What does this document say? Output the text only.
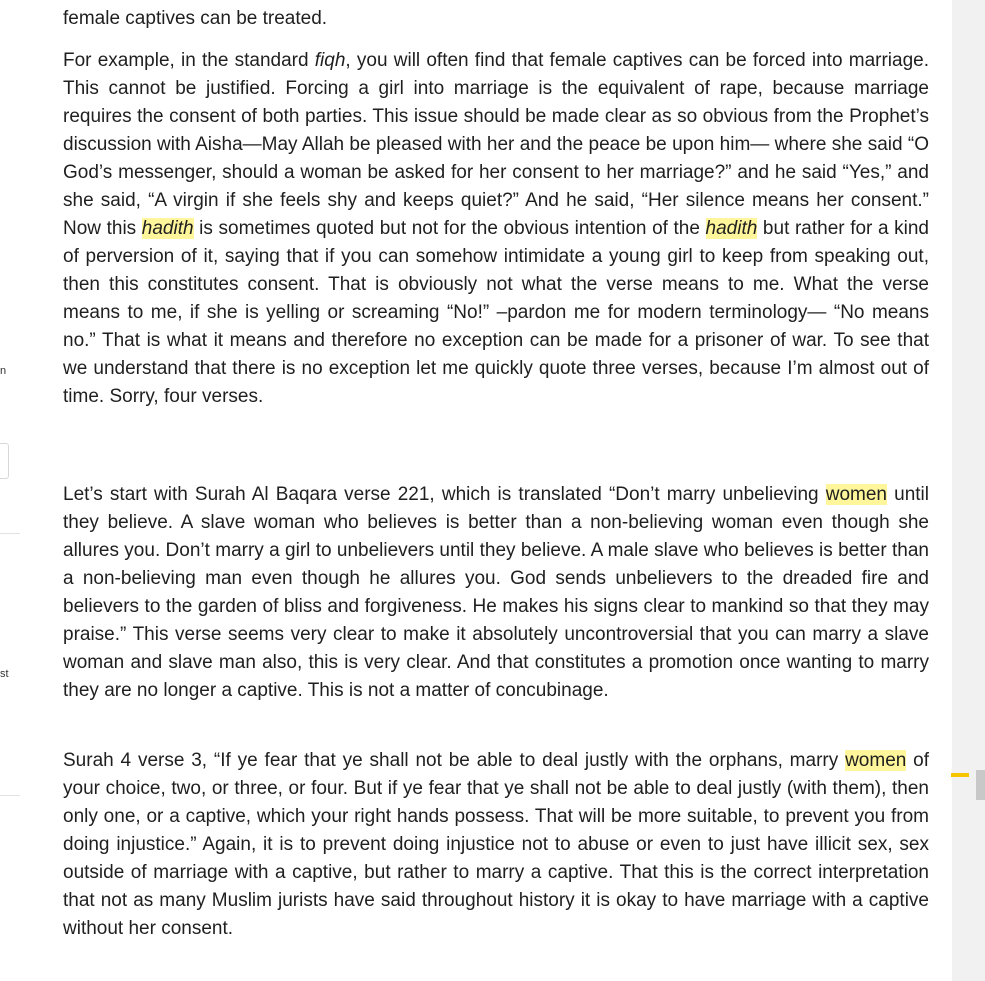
n
st

female captives can be treated.

For example, in the standard fiqh, you will often find that female captives can be forced into marriage. This cannot be justified. Forcing a girl into marriage is the equivalent of rape, because marriage requires the consent of both parties. This issue should be made clear as so obvious from the Prophet’s discussion with Aisha—May Allah be pleased with her and the peace be upon him— where she said “O God’s messenger, should a woman be asked for her consent to her marriage?” and he said “Yes,” and she said, “A virgin if she feels shy and keeps quiet?” And he said, “Her silence means her consent.” Now this hadith is sometimes quoted but not for the obvious intention of the hadith but rather for a kind of perversion of it, saying that if you can somehow intimidate a young girl to keep from speaking out, then this constitutes consent. That is obviously not what the verse means to me. What the verse means to me, if she is yelling or screaming “No!” –pardon me for modern terminology— “No means no.” That is what it means and therefore no exception can be made for a prisoner of war. To see that we understand that there is no exception let me quickly quote three verses, because I’m almost out of time. Sorry, four verses.

Let’s start with Surah Al Baqara verse 221, which is translated “Don’t marry unbelieving women until they believe. A slave woman who believes is better than a non-believing woman even though she allures you. Don’t marry a girl to unbelievers until they believe. A male slave who believes is better than a non-believing man even though he allures you. God sends unbelievers to the dreaded fire and believers to the garden of bliss and forgiveness. He makes his signs clear to mankind so that they may praise.” This verse seems very clear to make it absolutely uncontroversial that you can marry a slave woman and slave man also, this is very clear. And that constitutes a promotion once wanting to marry they are no longer a captive. This is not a matter of concubinage.

Surah 4 verse 3, “If ye fear that ye shall not be able to deal justly with the orphans, marry women of your choice, two, or three, or four. But if ye fear that ye shall not be able to deal justly (with them), then only one, or a captive, which your right hands possess. That will be more suitable, to prevent you from doing injustice.” Again, it is to prevent doing injustice not to abuse or even to just have illicit sex, sex outside of marriage with a captive, but rather to marry a captive. That this is the correct interpretation that not as many Muslim jurists have said throughout history it is okay to have marriage with a captive without her consent.
